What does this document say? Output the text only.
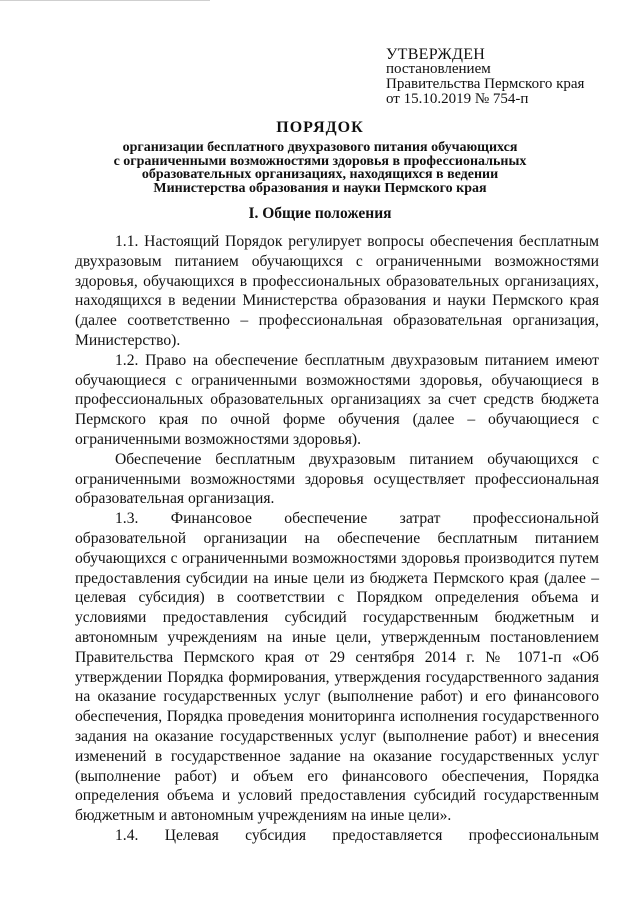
УТВЕРЖДЕН
постановлением
Правительства Пермского края
от 15.10.2019 № 754-п
ПОРЯДОК
организации бесплатного двухразового питания обучающихся
с ограниченными возможностями здоровья в профессиональных
образовательных организациях, находящихся в ведении
Министерства образования и науки Пермского края
I. Общие положения

1.1. Настоящий Порядок регулирует вопросы обеспечения бесплатным двухразовым питанием обучающихся с ограниченными возможностями здоровья, обучающихся в профессиональных образовательных организациях, находящихся в ведении Министерства образования и науки Пермского края (далее соответственно – профессиональная образовательная организация, Министерство).

1.2. Право на обеспечение бесплатным двухразовым питанием имеют обучающиеся с ограниченными возможностями здоровья, обучающиеся в профессиональных образовательных организациях за счет средств бюджета Пермского края по очной форме обучения (далее – обучающиеся с ограниченными возможностями здоровья).

Обеспечение бесплатным двухразовым питанием обучающихся с ограниченными возможностями здоровья осуществляет профессиональная образовательная организация.

1.3. Финансовое обеспечение затрат профессиональной образовательной организации на обеспечение бесплатным питанием обучающихся с ограниченными возможностями здоровья производится путем предоставления субсидии на иные цели из бюджета Пермского края (далее – целевая субсидия) в соответствии с Порядком определения объема и условиями предоставления субсидий государственным бюджетным и автономным учреждениям на иные цели, утвержденным постановлением Правительства Пермского края от 29 сентября 2014 г. № 1071-п «Об утверждении Порядка формирования, утверждения государственного задания на оказание государственных услуг (выполнение работ) и его финансового обеспечения, Порядка проведения мониторинга исполнения государственного задания на оказание государственных услуг (выполнение работ) и внесения изменений в государственное задание на оказание государственных услуг (выполнение работ) и объем его финансового обеспечения, Порядка определения объема и условий предоставления субсидий государственным бюджетным и автономным учреждениям на иные цели».

1.4. Целевая субсидия предоставляется профессиональным
